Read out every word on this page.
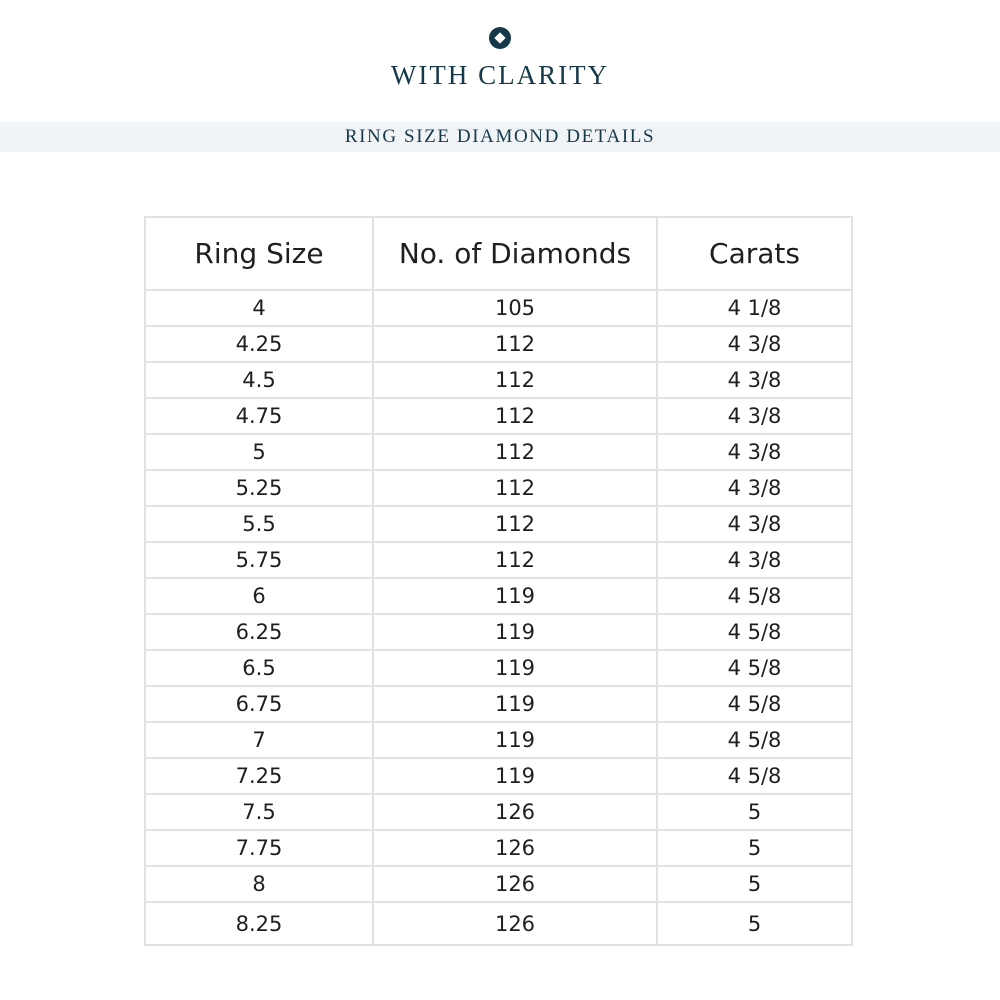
WITH CLARITY
RING SIZE DIAMOND DETAILS
Ring Size	No. of Diamonds	Carats
4	105	4 1/8
4.25	112	4 3/8
4.5	112	4 3/8
4.75	112	4 3/8
5	112	4 3/8
5.25	112	4 3/8
5.5	112	4 3/8
5.75	112	4 3/8
6	119	4 5/8
6.25	119	4 5/8
6.5	119	4 5/8
6.75	119	4 5/8
7	119	4 5/8
7.25	119	4 5/8
7.5	126	5
7.75	126	5
8	126	5
8.25	126	5
